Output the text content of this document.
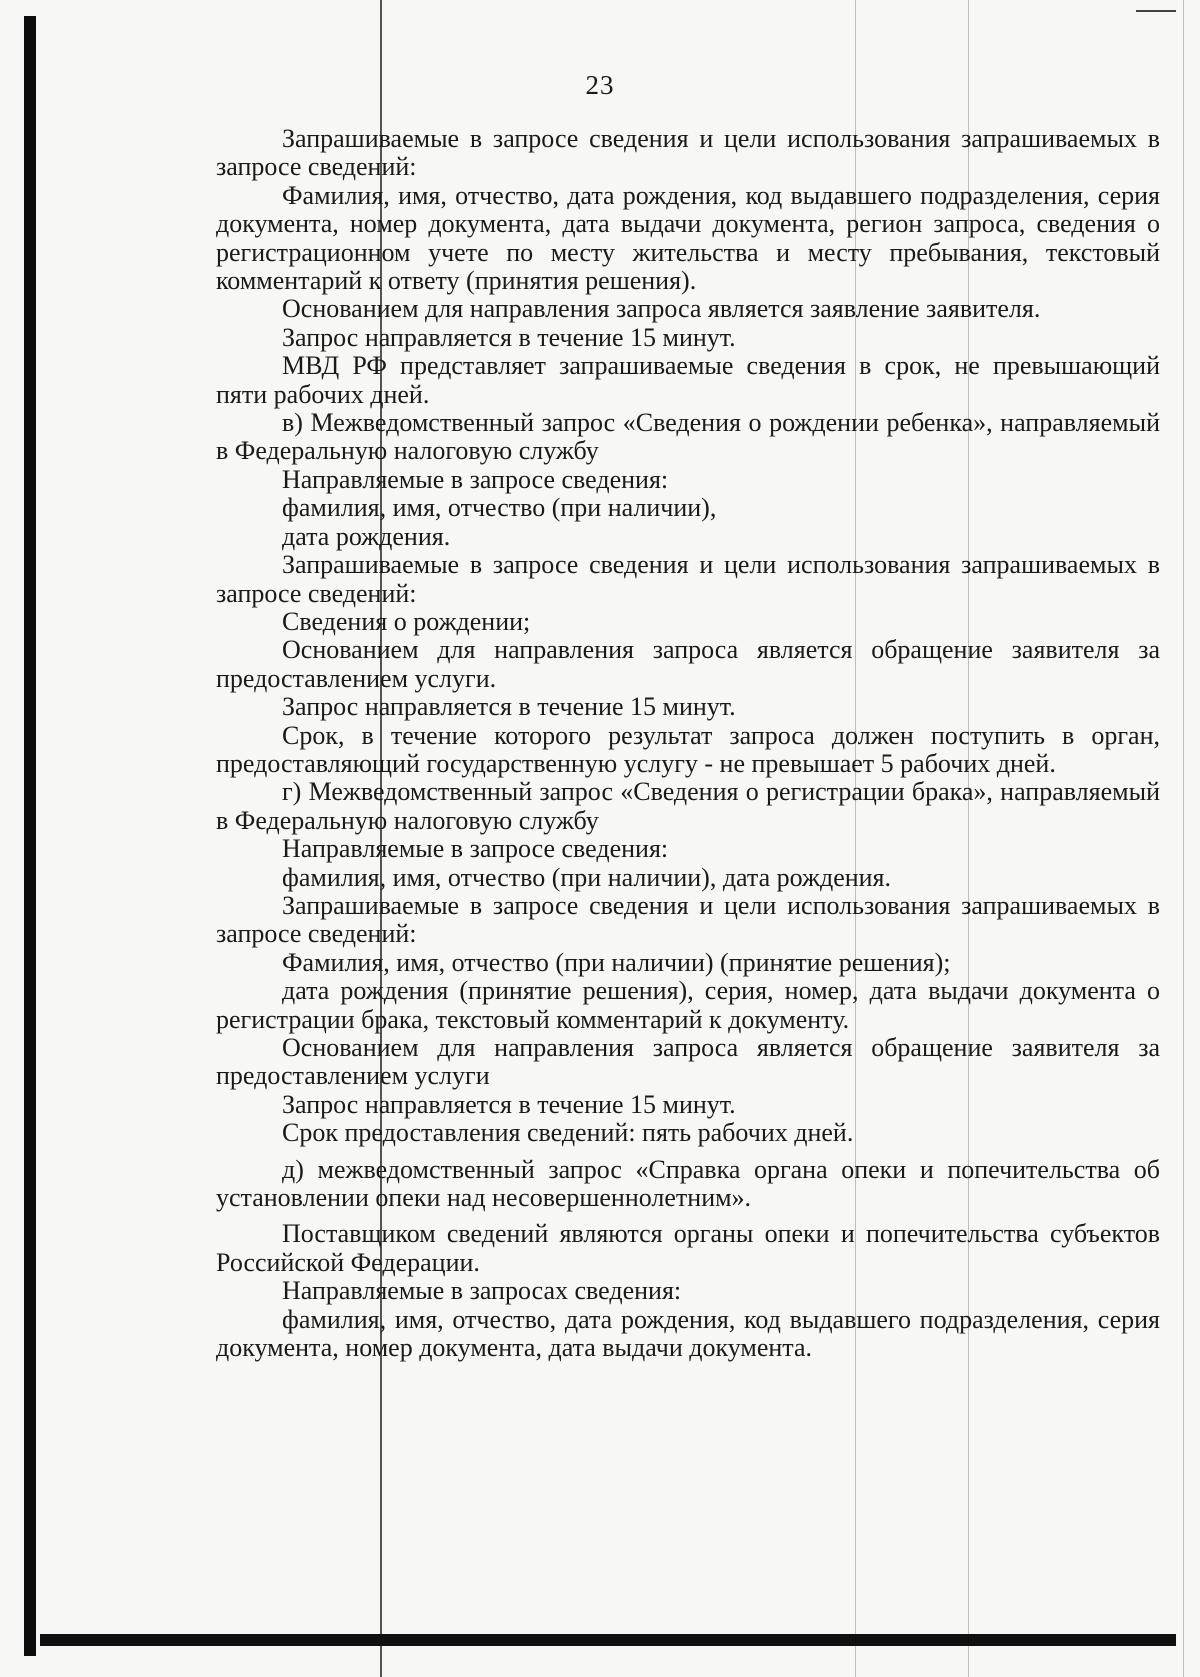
23

Запрашиваемые в запросе сведения и цели использования запрашиваемых в запросе сведений:

Фамилия, имя, отчество, дата рождения, код выдавшего подразделения, серия документа, номер документа, дата выдачи документа, регион запроса, сведения о регистрационном учете по месту жительства и месту пребывания, текстовый комментарий к ответу (принятия решения).

Основанием для направления запроса является заявление заявителя.

Запрос направляется в течение 15 минут.

МВД РФ представляет запрашиваемые сведения в срок, не превышающий пяти рабочих дней.

в) Межведомственный запрос «Сведения о рождении ребенка», направляемый в Федеральную налоговую службу

Направляемые в запросе сведения:

фамилия, имя, отчество (при наличии),

дата рождения.

Запрашиваемые в запросе сведения и цели использования запрашиваемых в запросе сведений:

Сведения о рождении;

Основанием для направления запроса является обращение заявителя за предоставлением услуги.

Запрос направляется в течение 15 минут.

Срок, в течение которого результат запроса должен поступить в орган, предоставляющий государственную услугу - не превышает 5 рабочих дней.

г) Межведомственный запрос «Сведения о регистрации брака», направляемый в Федеральную налоговую службу

Направляемые в запросе сведения:

фамилия, имя, отчество (при наличии), дата рождения.

Запрашиваемые в запросе сведения и цели использования запрашиваемых в запросе сведений:

Фамилия, имя, отчество (при наличии) (принятие решения);

дата рождения (принятие решения), серия, номер, дата выдачи документа о регистрации брака, текстовый комментарий к документу.

Основанием для направления запроса является обращение заявителя за предоставлением услуги

Запрос направляется в течение 15 минут.

Срок предоставления сведений: пять рабочих дней.

д) межведомственный запрос «Справка органа опеки и попечительства об установлении опеки над несовершеннолетним».

Поставщиком сведений являются органы опеки и попечительства субъектов Российской Федерации.

Направляемые в запросах сведения:

фамилия, имя, отчество, дата рождения, код выдавшего подразделения, серия документа, номер документа, дата выдачи документа.
